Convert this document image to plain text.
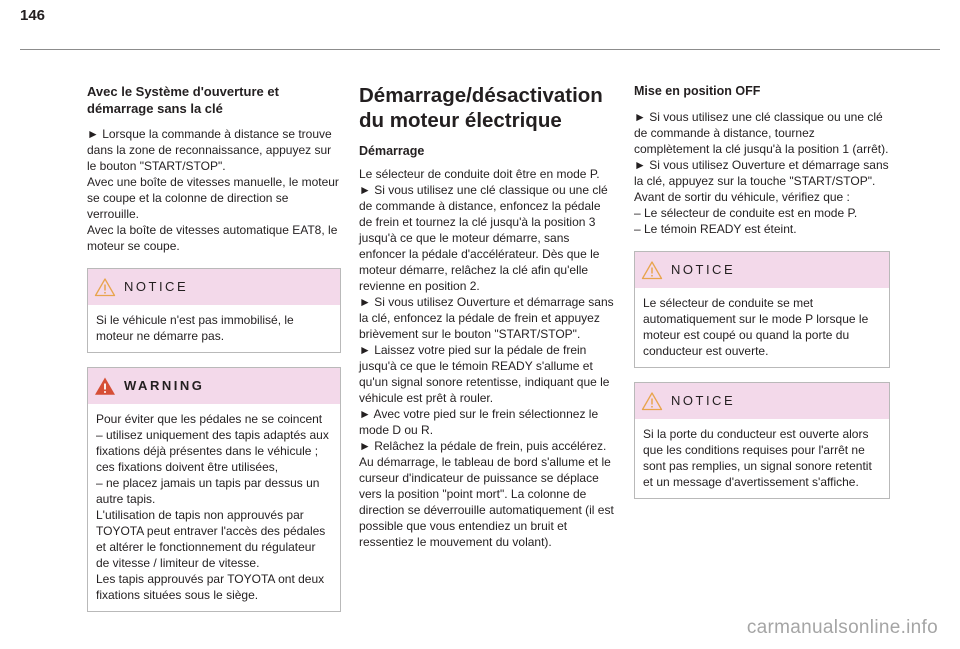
146
Avec le Système d'ouverture et démarrage sans la clé

► Lorsque la commande à distance se trouve dans la zone de reconnaissance, appuyez sur le bouton "START/STOP".
Avec une boîte de vitesses manuelle, le moteur se coupe et la colonne de direction se verrouille.
Avec la boîte de vitesses automatique EAT8, le moteur se coupe.

NOTICE
Si le véhicule n'est pas immobilisé, le moteur ne démarre pas.
WARNING
Pour éviter que les pédales ne se coincent
– utilisez uniquement des tapis adaptés aux fixations déjà présentes dans le véhicule ; ces fixations doivent être utilisées,
– ne placez jamais un tapis par dessus un autre tapis.
L'utilisation de tapis non approuvés par TOYOTA peut entraver l'accès des pédales et altérer le fonctionnement du régulateur de vitesse / limiteur de vitesse.
Les tapis approuvés par TOYOTA ont deux fixations situées sous le siège.
Démarrage/désactivation du moteur électrique
Démarrage

Le sélecteur de conduite doit être en mode P.
► Si vous utilisez une clé classique ou une clé de commande à distance, enfoncez la pédale de frein et tournez la clé jusqu'à la position 3 jusqu'à ce que le moteur démarre, sans enfoncer la pédale d'accélérateur. Dès que le moteur démarre, relâchez la clé afin qu'elle revienne en position 2.
► Si vous utilisez Ouverture et démarrage sans la clé, enfoncez la pédale de frein et appuyez brièvement sur le bouton "START/STOP".
► Laissez votre pied sur la pédale de frein jusqu'à ce que le témoin READY s'allume et qu'un signal sonore retentisse, indiquant que le véhicule est prêt à rouler.
► Avec votre pied sur le frein sélectionnez le mode D ou R.
► Relâchez la pédale de frein, puis accélérez. Au démarrage, le tableau de bord s'allume et le curseur d'indicateur de puissance se déplace vers la position "point mort". La colonne de direction se déverrouille automatiquement (il est possible que vous entendiez un bruit et ressentiez le mouvement du volant).

Mise en position OFF

► Si vous utilisez une clé classique ou une clé de commande à distance, tournez complètement la clé jusqu'à la position 1 (arrêt).
► Si vous utilisez Ouverture et démarrage sans la clé, appuyez sur la touche "START/STOP".
Avant de sortir du véhicule, vérifiez que :
– Le sélecteur de conduite est en mode P.
– Le témoin READY est éteint.

NOTICE
Le sélecteur de conduite se met automatiquement sur le mode P lorsque le moteur est coupé ou quand la porte du conducteur est ouverte.
NOTICE
Si la porte du conducteur est ouverte alors que les conditions requises pour l'arrêt ne sont pas remplies, un signal sonore retentit et un message d'avertissement s'affiche.
carmanualsonline.info
